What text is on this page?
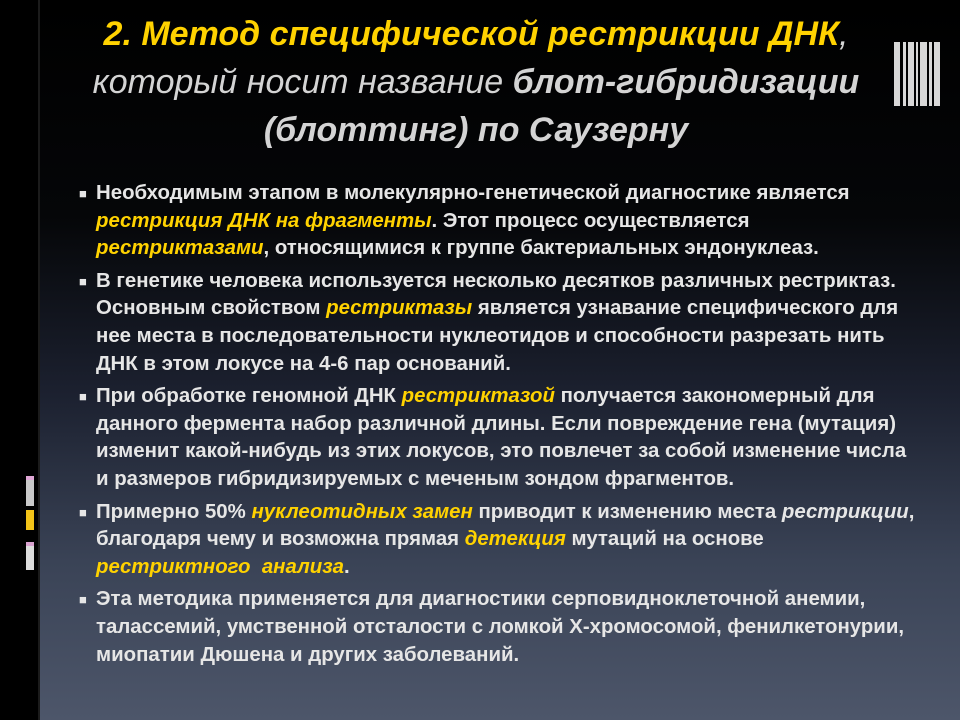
2. Метод специфической рестрикции ДНК,
который носит название блот-гибридизации
(блоттинг) по Саузерну
■ Необходимым этапом в молекулярно-генетической диагностике является рестрикция ДНК на фрагменты. Этот процесс осуществляется рестриктазами, относящимися к группе бактериальных эндонуклеаз.
■ В генетике человека используется несколько десятков различных рестриктаз. Основным свойством рестриктазы является узнавание специфического для нее места в последовательности нуклеотидов и способности разрезать нить ДНК в этом локусе на 4-6 пар оснований.
■ При обработке геномной ДНК рестриктазой получается закономерный для данного фермента набор различной длины. Если повреждение гена (мутация) изменит какой-нибудь из этих локусов, это повлечет за собой изменение числа и размеров гибридизируемых с меченым зондом фрагментов.
■ Примерно 50% нуклеотидных замен приводит к изменению места рестрикции, благодаря чему и возможна прямая детекция мутаций на основе рестриктного  анализа.
■ Эта методика применяется для диагностики серповидноклеточной анемии, талассемий, умственной отсталости с ломкой Х-хромосомой, фенилкетонурии, миопатии Дюшена и других заболеваний.
